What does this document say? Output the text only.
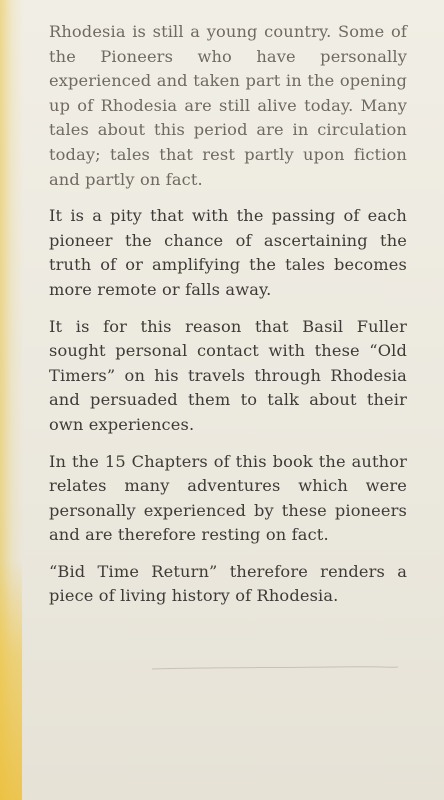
Rhodesia is still a young country. Some of the Pioneers who have personally experienced and taken part in the opening up of Rhodesia are still alive today. Many tales about this period are in circulation today; tales that rest partly upon fiction and partly on fact.

It is a pity that with the passing of each pioneer the chance of ascertaining the truth of or amplifying the tales becomes more remote or falls away.

It is for this reason that Basil Fuller sought personal contact with these “Old Timers” on his travels through Rhodesia and persuaded them to talk about their own experiences.

In the 15 Chapters of this book the author relates many adventures which were personally experienced by these pioneers and are therefore resting on fact.

“Bid Time Return” therefore renders a piece of living history of Rhodesia.
